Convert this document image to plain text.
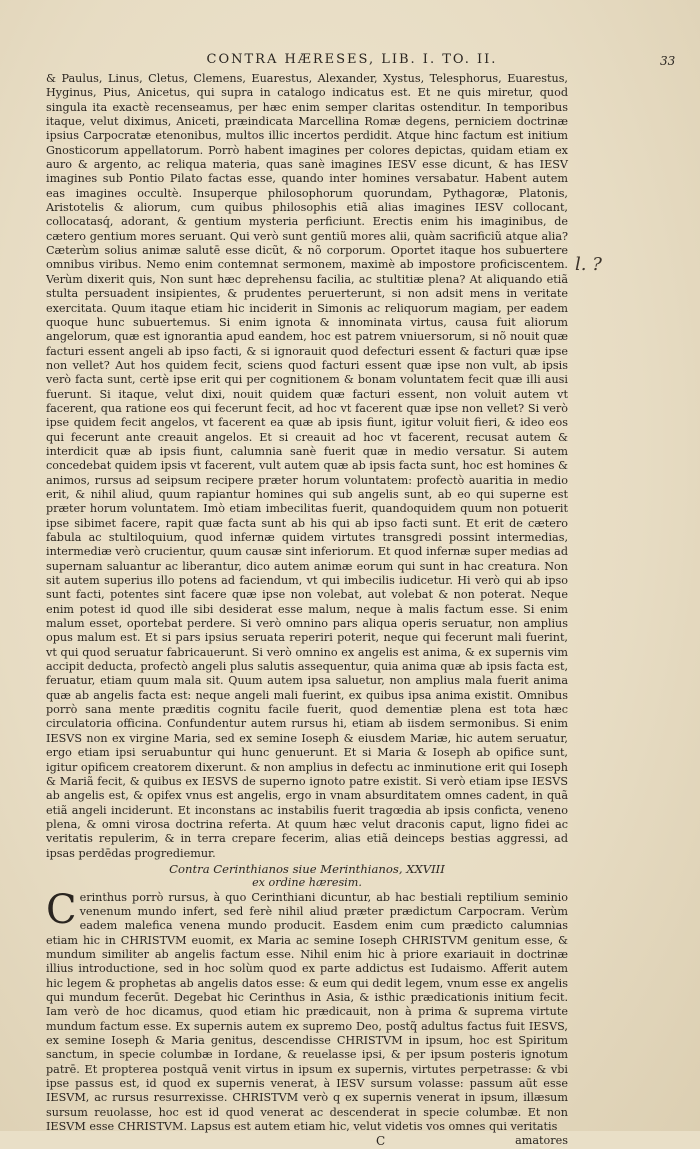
CONTRA HÆRESES, LIB. I. TO. II.	33
l. ?

& Paulus, Linus, Cletus, Clemens, Euarestus, Alexander, Xystus, Telesphorus, Euarestus, Hyginus, Pius, Anicetus, qui supra in catalogo indicatus est. Et ne quis miretur, quod singula ita exactè recenseamus, per hæc enim semper claritas ostenditur. In temporibus itaque, velut diximus, Aniceti, præindicata Marcellina Romæ degens, perniciem doctrinæ ipsius Carpocratæ etenonibus, multos illic incertos perdidit. Atque hinc factum est initium Gnosticorum appellatorum. Porrò habent imagines per colores depictas, quidam etiam ex auro & argento, ac reliqua materia, quas sanè imagines IESV esse dicunt, & has IESV imagines sub Pontio Pilato factas esse, quando inter homines versabatur. Habent autem eas imagines occultè. Insuperque philosophorum quorundam, Pythagoræ, Platonis, Aristotelis & aliorum, cum quibus philosophis etiã alias imagines IESV collocant, collocatasq́, adorant, & gentium mysteria perficiunt. Erectis enim his imaginibus, de cætero gentium mores seruant. Qui verò sunt gentiũ mores alii, quàm sacrificiũ atque alia? Cæterùm solius animæ salutē esse dicũt, & nõ corporum. Oportet itaque hos subuertere omnibus viribus. Nemo enim contemnat sermonem, maximè ab impostore proficiscentem. Verùm dixerit quis, Non sunt hæc deprehensu facilia, ac stultitiæ plena? At aliquando etiã stulta persuadent insipientes, & prudentes peruerterunt, si non adsit mens in veritate exercitata. Quum itaque etiam hic inciderit in Simonis ac reliquorum magiam, per eadem quoque hunc subuertemus. Si enim ignota & innominata virtus, causa fuit aliorum angelorum, quæ est ignorantia apud eandem, hoc est patrem vniuersorum, si nõ nouit quæ facturi essent angeli ab ipso facti, & si ignorauit quod defecturi essent & facturi quæ ipse non vellet? Aut hos quidem fecit, sciens quod facturi essent quæ ipse non vult, ab ipsis verò facta sunt, certè ipse erit qui per cognitionem & bonam voluntatem fecit quæ illi ausi fuerunt. Si itaque, velut dixi, nouit quidem quæ facturi essent, non voluit autem vt facerent, qua ratione eos qui fecerunt fecit, ad hoc vt facerent quæ ipse non vellet? Si verò ipse quidem fecit angelos, vt facerent ea quæ ab ipsis fiunt, igitur voluit fieri, & ideo eos qui fecerunt ante creauit angelos. Et si creauit ad hoc vt facerent, recusat autem & interdicit quæ ab ipsis fiunt, calumnia sanè fuerit quæ in medio versatur. Si autem concedebat quidem ipsis vt facerent, vult autem quæ ab ipsis facta sunt, hoc est homines & animos, rursus ad seipsum recipere præter horum voluntatem: profectò auaritia in medio erit, & nihil aliud, quum rapiantur homines qui sub angelis sunt, ab eo qui superne est præter horum voluntatem. Imò etiam imbecilitas fuerit, quandoquidem quum non potuerit ipse sibimet facere, rapit quæ facta sunt ab his qui ab ipso facti sunt. Et erit de cætero fabula ac stultiloquium, quod infernæ quidem virtutes transgredi possint intermedias, intermediæ verò crucientur, quum causæ sint inferiorum. Et quod infernæ super medias ad supernam saluantur ac liberantur, dico autem animæ eorum qui sunt in hac creatura. Non sit autem superius illo potens ad faciendum, vt qui imbecilis iudicetur. Hi verò qui ab ipso sunt facti, potentes sint facere quæ ipse non volebat, aut volebat & non poterat. Neque enim potest id quod ille sibi desiderat esse malum, neque à malis factum esse. Si enim malum esset, oportebat perdere. Si verò omnino pars aliqua operis seruatur, non amplius opus malum est. Et si pars ipsius seruata reperiri poterit, neque qui fecerunt mali fuerint, vt qui quod seruatur fabricauerunt. Si verò omnino ex angelis est anima, & ex supernis vim accipit deducta, profectò angeli plus salutis assequentur, quia anima quæ ab ipsis facta est, feruatur, etiam quum mala sit. Quum autem ipsa saluetur, non amplius mala fuerit anima quæ ab angelis facta est: neque angeli mali fuerint, ex quibus ipsa anima existit. Omnibus porrò sana mente præditis cognitu facile fuerit, quod dementiæ plena est tota hæc circulatoria officina. Confundentur autem rursus hi, etiam ab iisdem sermonibus. Si enim IESVS non ex virgine Maria, sed ex semine Ioseph & eiusdem Mariæ, hic autem seruatur, ergo etiam ipsi seruabuntur qui hunc genuerunt. Et si Maria & Ioseph ab opifice sunt, igitur opificem creatorem dixerunt. & non amplius in defectu ac inminutione erit qui Ioseph & Mariã fecit, & quibus ex IESVS de superno ignoto patre existit. Si verò etiam ipse IESVS ab angelis est, & opifex vnus est angelis, ergo in vnam absurditatem omnes cadent, in quã etiã angeli inciderunt. Et inconstans ac instabilis fuerit tragœdia ab ipsis conficta, veneno plena, & omni virosa doctrina referta. At quum hæc velut draconis caput, ligno fidei ac veritatis repulerim, & in terra crepare fecerim, alias etiã deinceps bestias aggressi, ad ipsas perdēdas progrediemur.

Contra Cerinthianos siue Merinthianos, XXVIII
ex ordine hæresim.

Cerinthus porrò rursus, à quo Cerinthiani dicuntur, ab hac bestiali reptilium seminio venenum mundo infert, sed ferè nihil aliud præter prædictum Carpocram. Verùm eadem malefica venena mundo producit. Easdem enim cum prædicto calumnias etiam hic in CHRISTVM euomit, ex Maria ac semine Ioseph CHRISTVM genitum esse, & mundum similiter ab angelis factum esse. Nihil enim hic à priore exariauit in doctrinæ illius introductione, sed in hoc solùm quod ex parte addictus est Iudaismo. Afferit autem hic legem & prophetas ab angelis datos esse: & eum qui dedit legem, vnum esse ex angelis qui mundum fecerūt. Degebat hic Cerinthus in Asia, & isthic prædicationis initium fecit. Iam verò de hoc dicamus, quod etiam hic prædicauit, non à prima & suprema virtute mundum factum esse. Ex supernis autem ex supremo Deo, postq̃ adultus factus fuit IESVS, ex semine Ioseph & Maria genitus, descendisse CHRISTVM in ipsum, hoc est Spiritum sanctum, in specie columbæ in Iordane, & reuelasse ipsi, & per ipsum posteris ignotum patrē. Et propterea postquã venit virtus in ipsum ex supernis, virtutes perpetrasse: & vbi ipse passus est, id quod ex supernis venerat, à IESV sursum volasse: passum aūt esse IESVM, ac rursus resurrexisse. CHRISTVM verò q ex supernis venerat in ipsum, illæsum sursum reuolasse, hoc est id quod venerat ac descenderat in specie columbæ. Et non IESVM esse CHRISTVM. Lapsus est autem etiam hic, velut videtis vos omnes qui veritatis

C	amatores
